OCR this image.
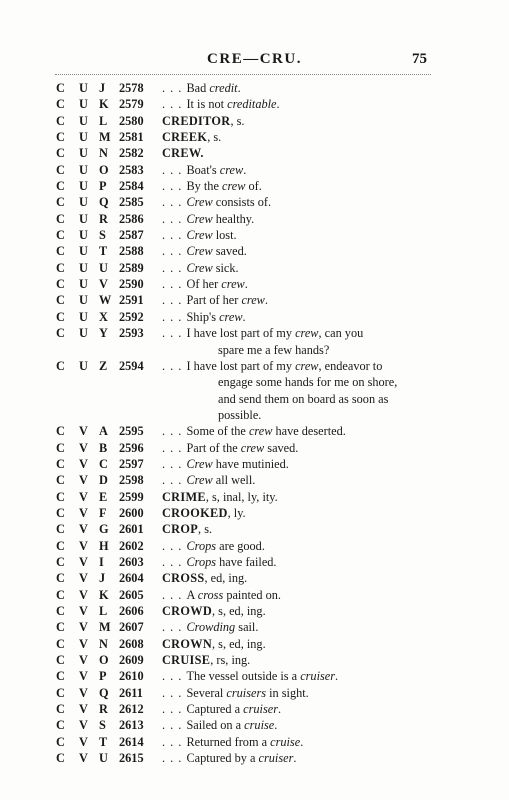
CRE—CRU.	75
C U J 2578 . . . Bad credit.
C U K 2579 . . . It is not creditable.
C U L 2580 CREDITOR, s.
C U M 2581 CREEK, s.
C U N 2582 CREW.
C U O 2583 . . . Boat's crew.
C U P 2584 . . . By the crew of.
C U Q 2585 . . . Crew consists of.
C U R 2586 . . . Crew healthy.
C U S 2587 . . . Crew lost.
C U T 2588 . . . Crew saved.
C U U 2589 . . . Crew sick.
C U V 2590 . . . Of her crew.
C U W 2591 . . . Part of her crew.
C U X 2592 . . . Ship's crew.
C U Y 2593 . . . I have lost part of my crew, can you
spare me a few hands?
C U Z 2594 . . . I have lost part of my crew, endeavor to
engage some hands for me on shore,
and send them on board as soon as
possible.
C V A 2595 . . . Some of the crew have deserted.
C V B 2596 . . . Part of the crew saved.
C V C 2597 . . . Crew have mutinied.
C V D 2598 . . . Crew all well.
C V E 2599 CRIME, s, inal, ly, ity.
C V F 2600 CROOKED, ly.
C V G 2601 CROP, s.
C V H 2602 . . . Crops are good.
C V I 2603 . . . Crops have failed.
C V J 2604 CROSS, ed, ing.
C V K 2605 . . . A cross painted on.
C V L 2606 CROWD, s, ed, ing.
C V M 2607 . . . Crowding sail.
C V N 2608 CROWN, s, ed, ing.
C V O 2609 CRUISE, rs, ing.
C V P 2610 . . . The vessel outside is a cruiser.
C V Q 2611 . . . Several cruisers in sight.
C V R 2612 . . . Captured a cruiser.
C V S 2613 . . . Sailed on a cruise.
C V T 2614 . . . Returned from a cruise.
C V U 2615 . . . Captured by a cruiser.
